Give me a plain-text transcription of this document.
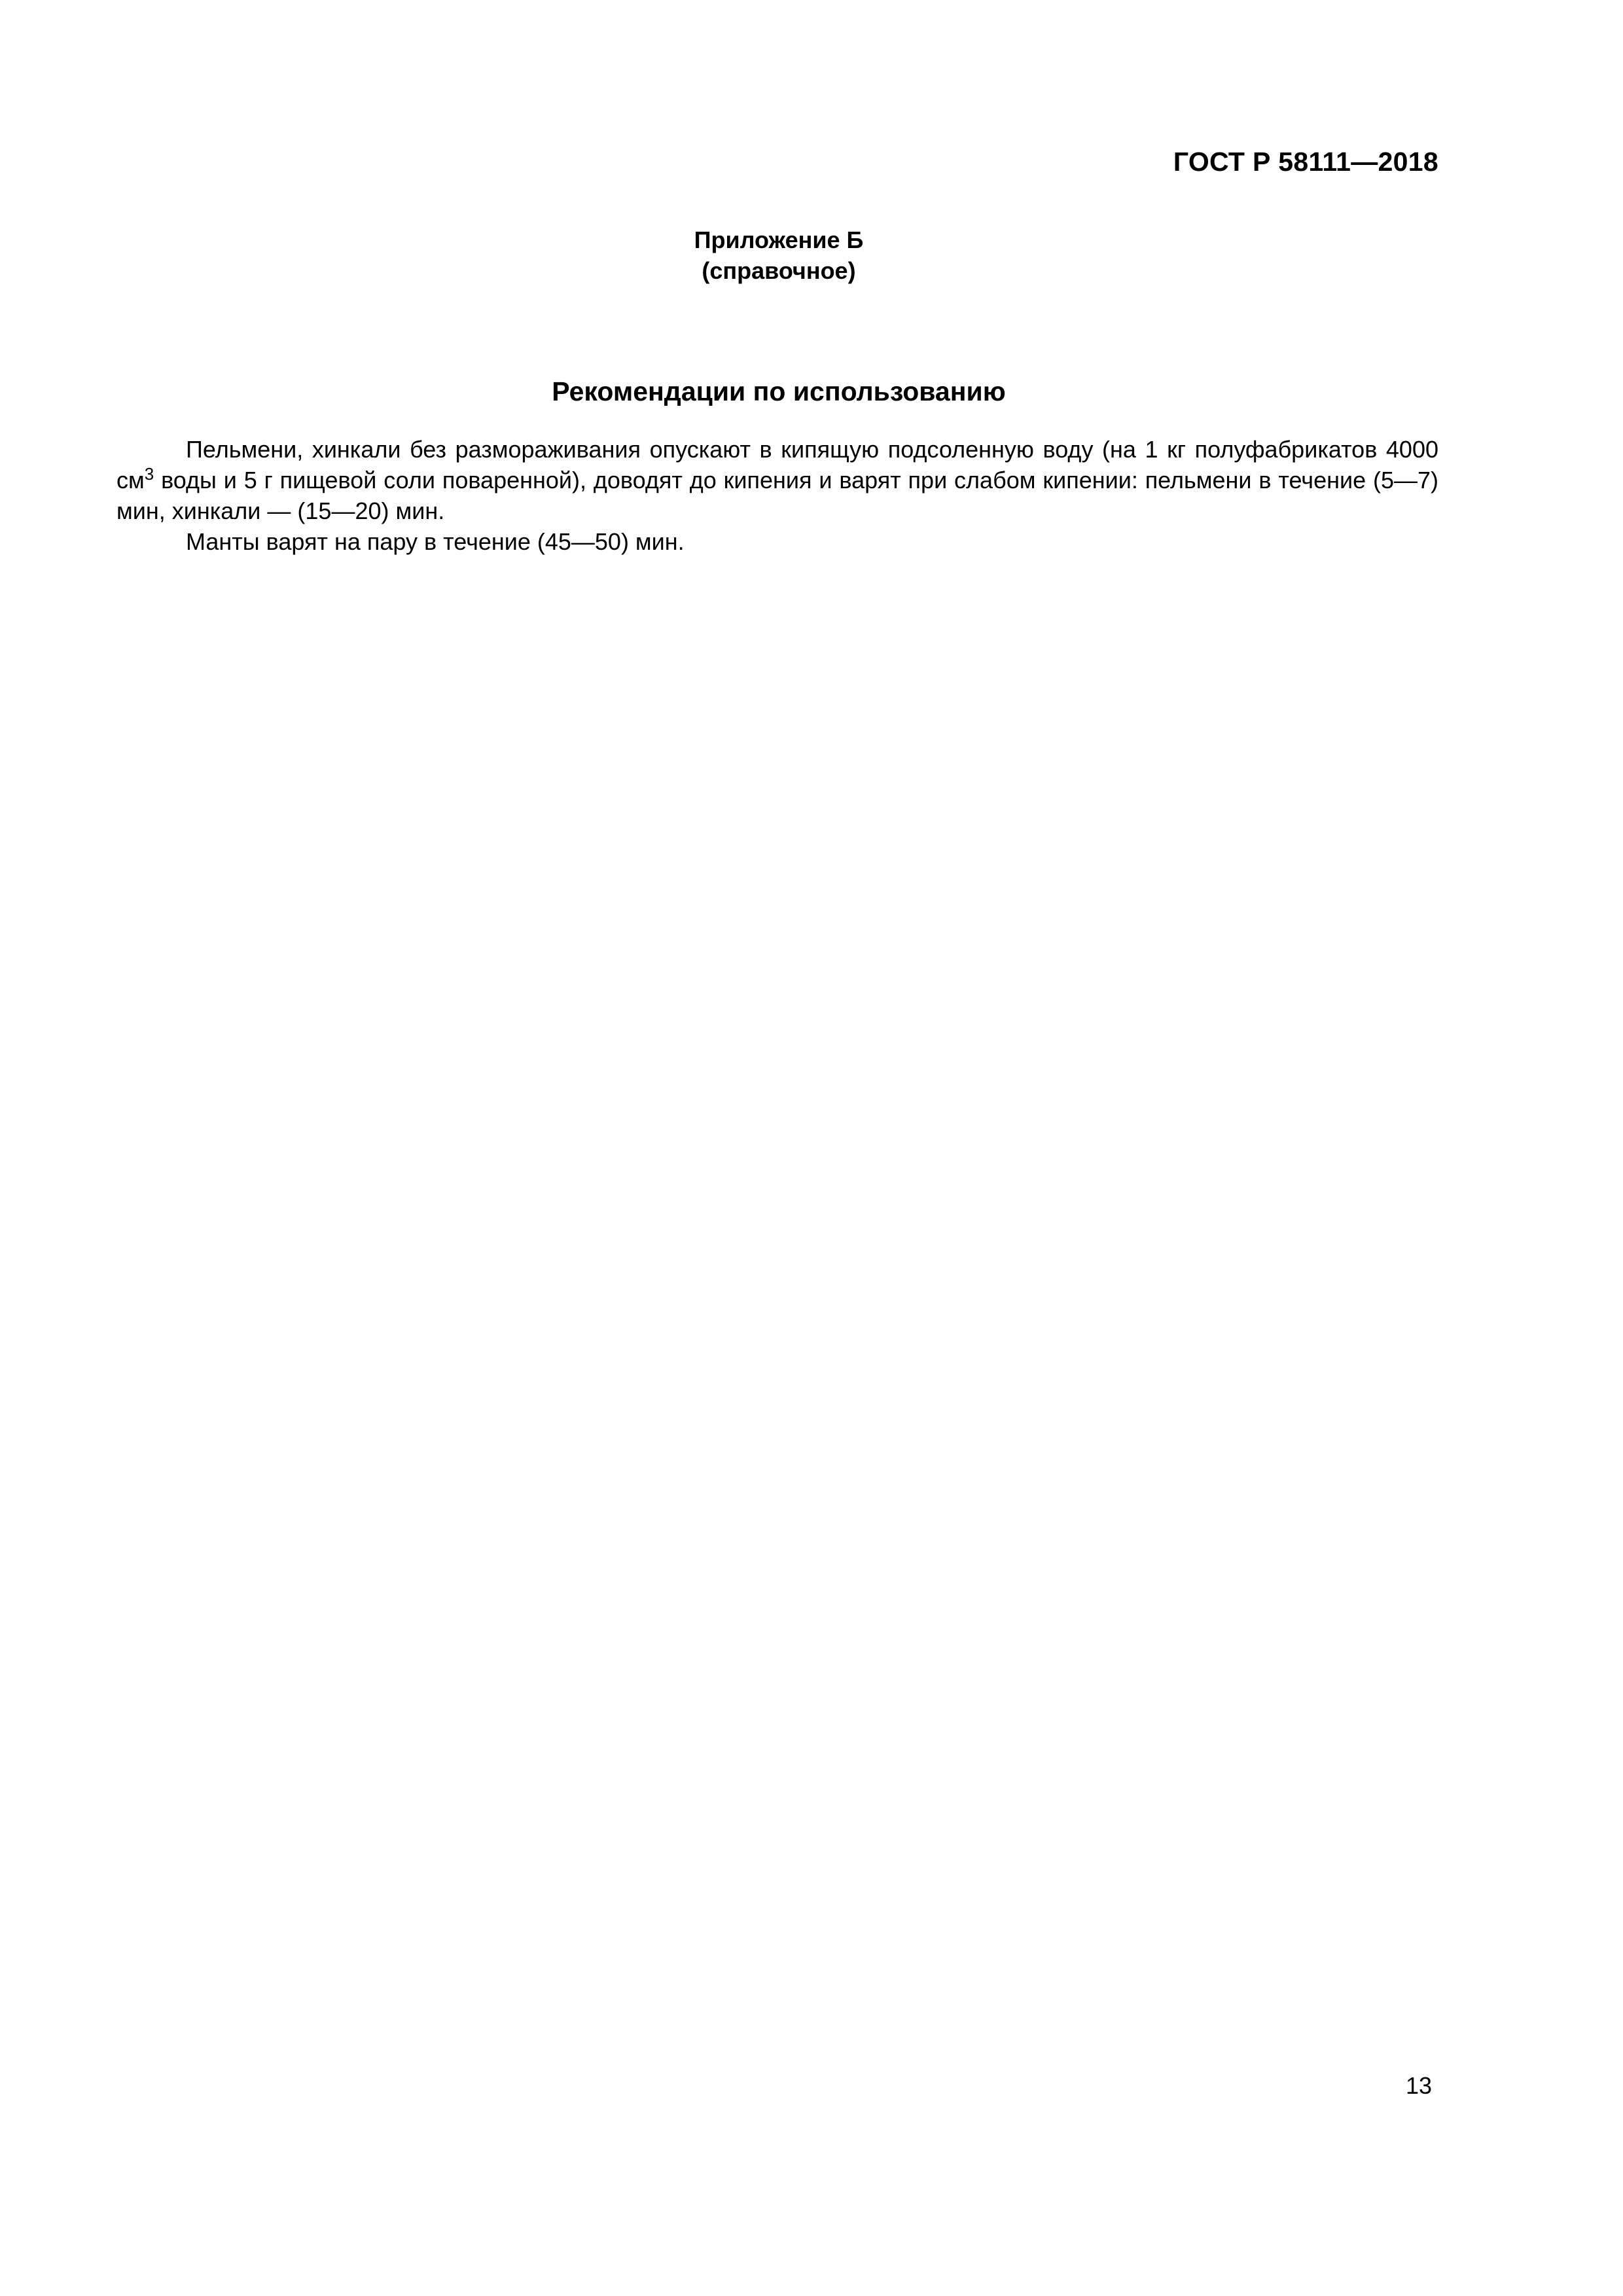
ГОСТ Р 58111—2018
Приложение Б
(справочное)
Рекомендации по использованию

Пельмени, хинкали без размораживания опускают в кипящую подсоленную воду (на 1 кг полуфабрикатов 4000 $см^3$ воды и 5 г пищевой соли поваренной), доводят до кипения и варят при слабом кипении: пельмени в течение (5—7) мин, хинкали — (15—20) мин.

Манты варят на пару в течение (45—50) мин.

13
